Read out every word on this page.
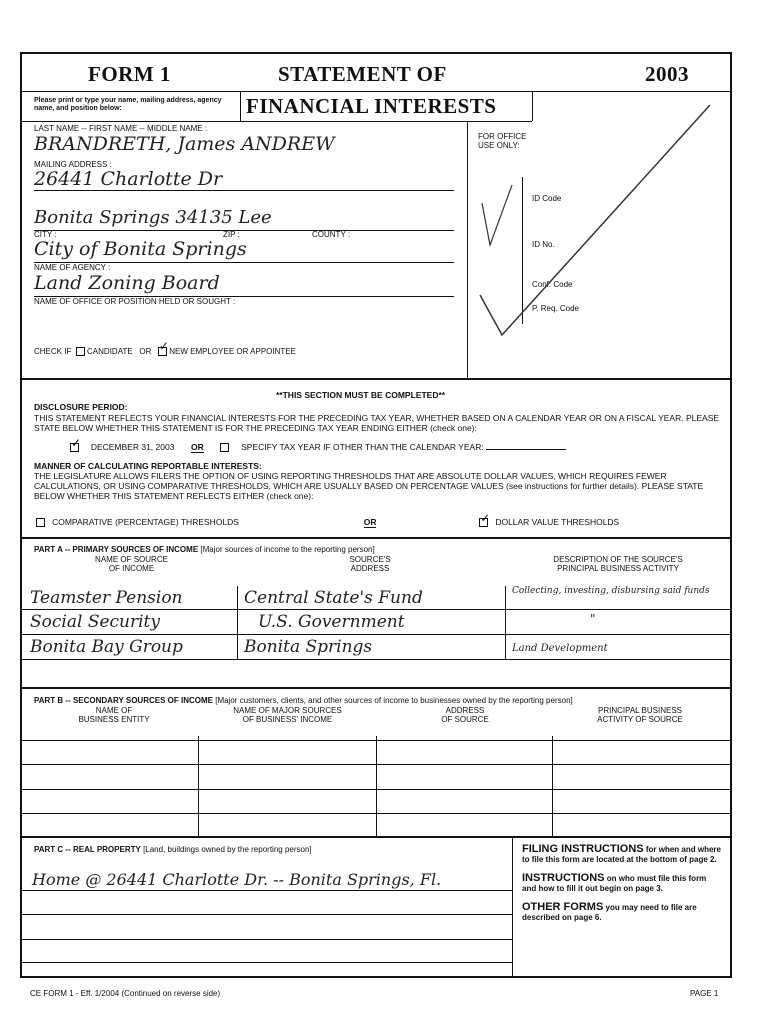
FORM 1	STATEMENT OF	2003
Please print or type your name, mailing address, agency name, and position below:	FINANCIAL INTERESTS
LAST NAME -- FIRST NAME -- MIDDLE NAME :
BRANDRETH, James ANDREW
MAILING ADDRESS :
26441 Charlotte Dr
Bonita Springs 34135 Lee
CITY :	ZIP :	COUNTY :
City of Bonita Springs
NAME OF AGENCY :
Land Zoning Board
NAME OF OFFICE OR POSITION HELD OR SOUGHT :
CHECK IF CANDIDATE OR ✓ NEW EMPLOYEE OR APPOINTEE
FOR OFFICE USE ONLY:
ID Code
ID No.
Conf. Code
P. Req. Code
**THIS SECTION MUST BE COMPLETED**
DISCLOSURE PERIOD:
THIS STATEMENT REFLECTS YOUR FINANCIAL INTERESTS FOR THE PRECEDING TAX YEAR, WHETHER BASED ON A CALENDAR YEAR OR ON A FISCAL YEAR. PLEASE STATE BELOW WHETHER THIS STATEMENT IS FOR THE PRECEDING TAX YEAR ENDING EITHER (check one):
✓     DECEMBER 31, 2003 OR	SPECIFY TAX YEAR IF OTHER THAN THE CALENDAR YEAR:
MANNER OF CALCULATING REPORTABLE INTERESTS:
THE LEGISLATURE ALLOWS FILERS THE OPTION OF USING REPORTING THRESHOLDS THAT ARE ABSOLUTE DOLLAR VALUES, WHICH REQUIRES FEWER CALCULATIONS, OR USING COMPARATIVE THRESHOLDS, WHICH ARE USUALLY BASED ON PERCENTAGE VALUES (see instructions for further details). PLEASE STATE BELOW WHETHER THIS STATEMENT REFLECTS EITHER (check one):
COMPARATIVE (PERCENTAGE) THRESHOLDS	OR ✓	DOLLAR VALUE THRESHOLDS
PART A -- PRIMARY SOURCES OF INCOME [Major sources of income to the reporting person]
NAME OF SOURCE
OF INCOME
SOURCE'S
ADDRESS
DESCRIPTION OF THE SOURCE'S
PRINCIPAL BUSINESS ACTIVITY
Teamster Pension	Central State's Fund	Collecting, investing, disbursing said funds
Social Security	U.S. Government	"
Bonita Bay Group	Bonita Springs	Land Development
PART B -- SECONDARY SOURCES OF INCOME [Major customers, clients, and other sources of income to businesses owned by the reporting person]
NAME OF
BUSINESS ENTITY
NAME OF MAJOR SOURCES
OF BUSINESS' INCOME
ADDRESS
OF SOURCE
PRINCIPAL BUSINESS
ACTIVITY OF SOURCE
PART C -- REAL PROPERTY [Land, buildings owned by the reporting person]
Home @ 26441 Charlotte Dr. -- Bonita Springs, Fl.
FILING INSTRUCTIONS for when and where to file this form are located at the bottom of page 2.
INSTRUCTIONS on who must file this form and how to fill it out begin on page 3.
OTHER FORMS you may need to file are described on page 6.
CE FORM 1 - Eff. 1/2004 (Continued on reverse side)	PAGE 1
